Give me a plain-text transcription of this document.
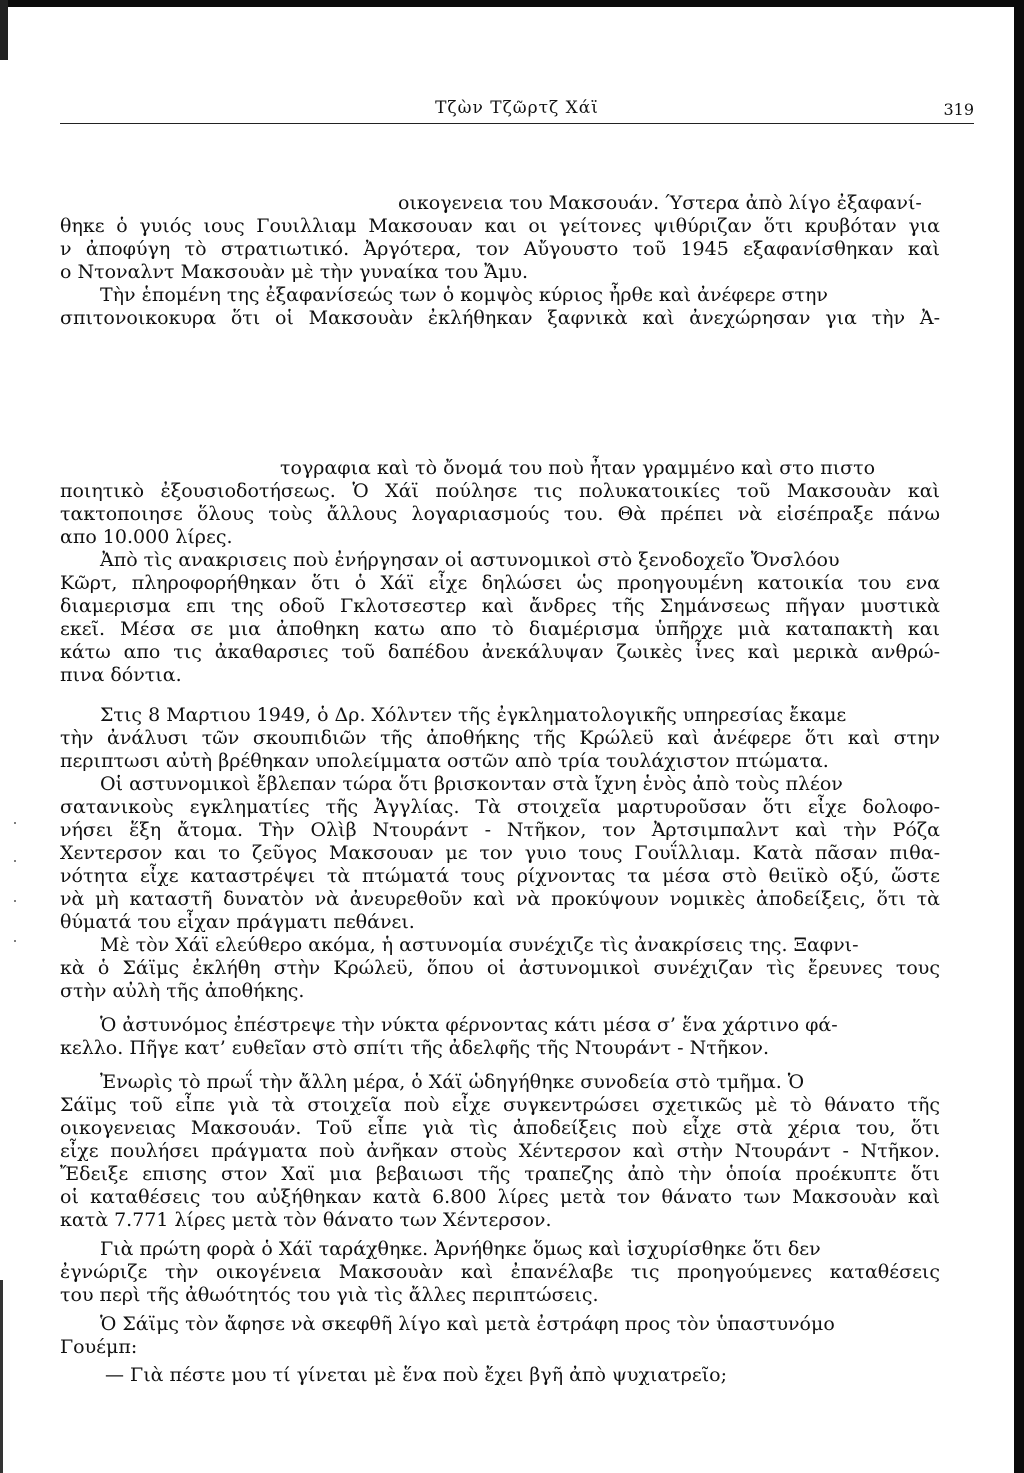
Τζὼν Τζῶρτζ Χάϊ	319
οικογενεια του Μακσουάν. Ύστερα ἀπὸ λίγο ἐξαφανί-
θηκε ὁ γυιός ιους Γουιλλιαμ Μακσουαν και οι γείτονες ψιθύριζαν ὅτι κρυβόταν για
ν ἀποφύγη τὸ στρατιωτικό. Ἀργότερα, τον Αὔγουστο τοῦ 1945 εξαφανίσθηκαν καὶ
ο Ντοναλντ Μακσουὰν μὲ τὴν γυναίκα του Ἄμυ.
Τὴν ἑπομένη της ἐξαφανίσεώς των ὁ κομψὸς κύριος ἦρθε καὶ ἀνέφερε στην
σπιτονοικοκυρα ὅτι οἱ Μακσουὰν ἐκλήθηκαν ξαφνικὰ καὶ ἀνεχώρησαν για τὴν Ἀ-
τογραφια καὶ τὸ ὄνομά του ποὺ ἦταν γραμμένο καὶ στο πιστο
ποιητικὸ ἐξουσιοδοτήσεως. Ὁ Χάϊ πούλησε τις πολυκατοικίες τοῦ Μακσουὰν καὶ
τακτοποιησε ὅλους τοὺς ἄλλους λογαριασμούς του. Θὰ πρέπει νὰ εἰσέπραξε πάνω
απο 10.000 λίρες.
Ἀπὸ τὶς ανακρισεις ποὺ ἐνήργησαν οἱ αστυνομικοὶ στὸ ξενοδοχεῖο Ὄνσλόου
Κῶρτ, πληροφορήθηκαν ὅτι ὁ Χάϊ εἶχε δηλώσει ὡς προηγουμένη κατοικία του ενα
διαμερισμα επι της οδοῦ Γκλοτσεστερ καὶ ἄνδρες τῆς Σημάνσεως πῆγαν μυστικὰ
εκεῖ. Μέσα σε μια ἀποθηκη κατω απο τὸ διαμέρισμα ὑπῆρχε μιὰ καταπακτὴ και
κάτω απο τις ἀκαθαρσιες τοῦ δαπέδου ἀνεκάλυψαν ζωικὲς ἶνες καὶ μερικὰ ανθρώ-
πινα δόντια.
Στις 8 Μαρτιου 1949, ὁ Δρ. Χόλντεν τῆς ἐγκληματολογικῆς υπηρεσίας ἔκαμε
τὴν ἀνάλυσι τῶν σκουπιδιῶν τῆς ἀποθήκης τῆς Κρώλεϋ καὶ ἀνέφερε ὅτι καὶ στην
περιπτωσι αὐτὴ βρέθηκαν υπολείμματα οστῶν απὸ τρία τουλάχιστον πτώματα.
Οἱ αστυνομικοὶ ἔβλεπαν τώρα ὅτι βρισκονταν στὰ ἴχνη ἑνὸς ἀπὸ τοὺς πλέον
σατανικοὺς εγκληματίες τῆς Ἀγγλίας. Τὰ στοιχεῖα μαρτυροῦσαν ὅτι εἶχε δολοφο-
νήσει ἕξη ἄτομα. Τὴν Ολὶβ Ντουράντ - Ντῆκον, τον Ἀρτσιμπαλντ καὶ τὴν Ρόζα
Χεντερσον και το ζεῦγος Μακσουαν με τον γυιο τους Γουΐλλιαμ. Κατὰ πᾶσαν πιθα-
νότητα εἶχε καταστρέψει τὰ πτώματά τους ρίχνοντας τα μέσα στὸ θειϊκὸ οξύ, ὥστε
νὰ μὴ καταστῆ δυνατὸν νὰ ἀνευρεθοῦν καὶ νὰ προκύψουν νομικὲς ἀποδείξεις, ὅτι τὰ
θύματά του εἶχαν πράγματι πεθάνει.
Μὲ τὸν Χάϊ ελεύθερο ακόμα, ἡ αστυνομία συνέχιζε τὶς ἀνακρίσεις της. Ξαφνι-
κὰ ὁ Σάϊμς ἐκλήθη στὴν Κρώλεϋ, ὅπου οἱ ἀστυνομικοὶ συνέχιζαν τὶς ἔρευνες τους
στὴν αὐλὴ τῆς ἀποθήκης.
Ὁ ἀστυνόμος ἐπέστρεψε τὴν νύκτα φέρνοντας κάτι μέσα σ’ ἕνα χάρτινο φά-
κελλο. Πῆγε κατ’ ευθεῖαν στὸ σπίτι τῆς ἀδελφῆς τῆς Ντουράντ - Ντῆκον.
Ἐνωρὶς τὸ πρωΐ τὴν ἄλλη μέρα, ὁ Χάϊ ὡδηγήθηκε συνοδεία στὸ τμῆμα. Ὁ
Σάϊμς τοῦ εἶπε γιὰ τὰ στοιχεῖα ποὺ εἶχε συγκεντρώσει σχετικῶς μὲ τὸ θάνατο τῆς
οικογενειας Μακσουάν. Τοῦ εἶπε γιὰ τὶς ἀποδείξεις ποὺ εἶχε στὰ χέρια του, ὅτι
εἶχε πουλήσει πράγματα ποὺ ἀνῆκαν στοὺς Χέντερσον καὶ στὴν Ντουράντ - Ντῆκον.
Ἔδειξε επισης στον Χαϊ μια βεβαιωσι τῆς τραπεζης ἀπὸ τὴν ὁποία προέκυπτε ὅτι
οἱ καταθέσεις του αὐξήθηκαν κατὰ 6.800 λίρες μετὰ τον θάνατο των Μακσουὰν καὶ
κατὰ 7.771 λίρες μετὰ τὸν θάνατο των Χέντερσον.
Γιὰ πρώτη φορὰ ὁ Χάϊ ταράχθηκε. Ἀρνήθηκε ὅμως καὶ ἰσχυρίσθηκε ὅτι δεν
ἐγνώριζε τὴν οικογένεια Μακσουὰν καὶ ἐπανέλαβε τις προηγούμενες καταθέσεις
του περὶ τῆς ἀθωότητός του γιὰ τὶς ἄλλες περιπτώσεις.
Ὁ Σάϊμς τὸν ἄφησε νὰ σκεφθῆ λίγο καὶ μετὰ ἐστράφη προς τὸν ὑπαστυνόμο
Γουέμπ:
— Γιὰ πέστε μου τί γίνεται μὲ ἕνα ποὺ ἔχει βγῆ ἀπὸ ψυχιατρεῖο;
